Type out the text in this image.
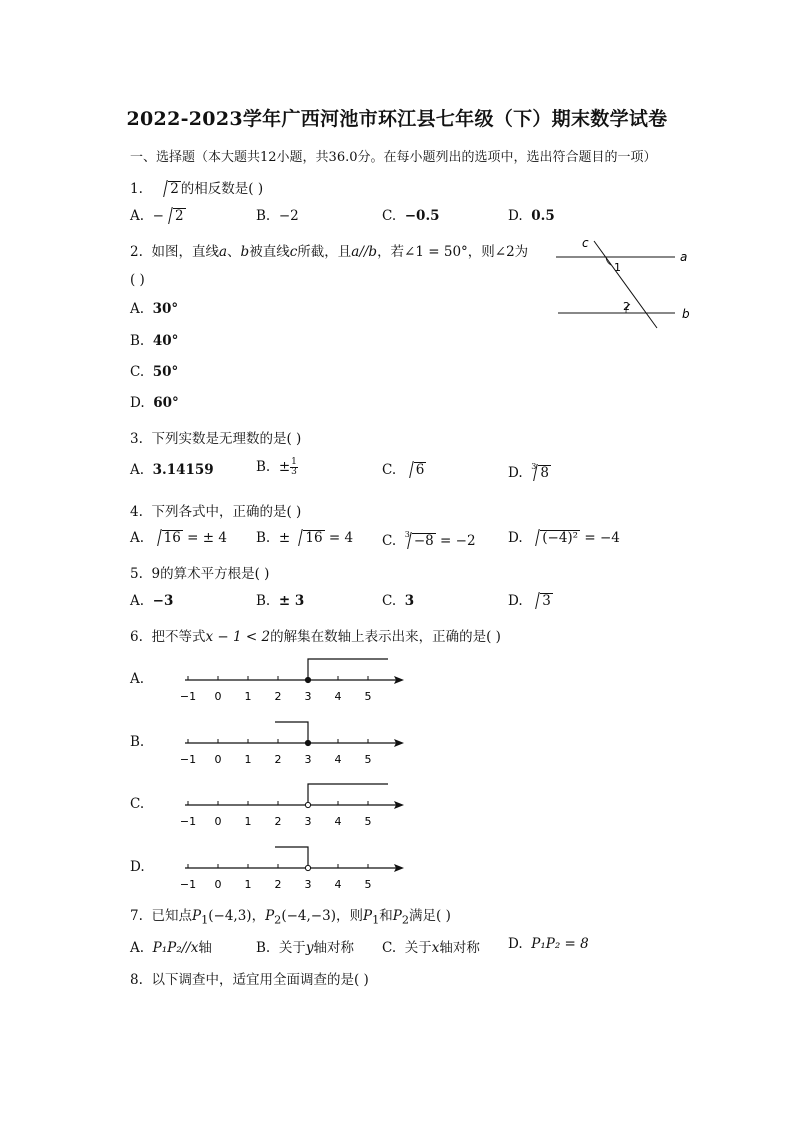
2022-2023学年广西河池市环江县七年级（下）期末数学试卷
一、选择题（本大题共12小题，共36.0分。在每小题列出的选项中，选出符合题目的一项）
1. 2 的相反数是( )
A. − 2	B. −2	C. −0.5	D. 0.5
2. 如图，直线a、b被直线c所截，且a//b，若∠1 = 50°，则∠2为
( )
A. 30°
B. 40°
C. 50°
D. 60°
c
a
b
1
2
3. 下列实数是无理数的是( )
A. 3.14159	B. ± $\frac{1}{3}$	C. 6	D. $^3$ 8
4. 下列各式中，正确的是( )
A. 16 = ± 4 B. ± 16 = 4 C. $^3$ −8 = −2 D. (−4)² = −4
5. 9的算术平方根是( )
A. −3	B. ± 3	C. 3	D. 3
6. 把不等式x − 1 < 2的解集在数轴上表示出来，正确的是( )
A.
−1 0 1 2 3 4 5
B.
−1 0 1 2 3 4 5
C.
−1 0 1 2 3 4 5
D.
−1 0 1 2 3 4 5
7. 已知点$P_1(-4,3)$，$P_2(-4,-3)$，则$P_1$和$P_2$满足( )
A. P₁P₂//x轴	B. 关于y轴对称 C. 关于x轴对称 D. P₁P₂ = 8
8. 以下调查中，适宜用全面调查的是( )
